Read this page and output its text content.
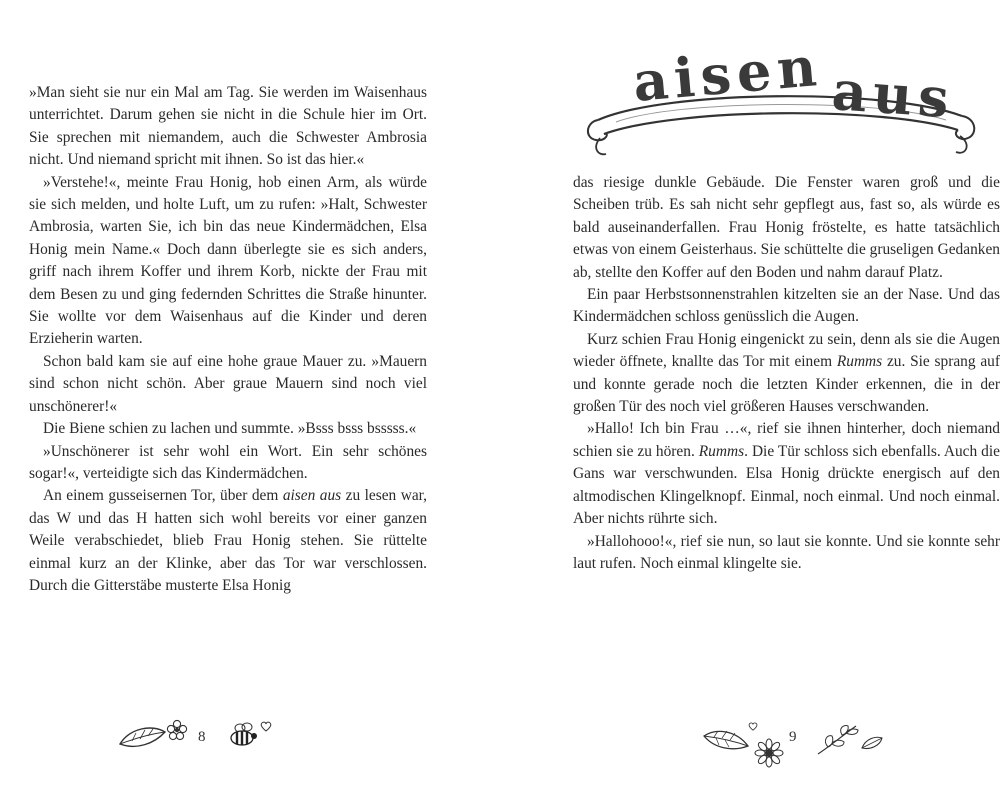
»Man sieht sie nur ein Mal am Tag. Sie werden im Waisenhaus unterrichtet. Darum gehen sie nicht in die Schule hier im Ort. Sie sprechen mit niemandem, auch die Schwester Ambrosia nicht. Und niemand spricht mit ihnen. So ist das hier.«

»Verstehe!«, meinte Frau Honig, hob einen Arm, als würde sie sich melden, und holte Luft, um zu rufen: »Halt, Schwester Ambrosia, warten Sie, ich bin das neue Kindermädchen, Elsa Honig mein Name.« Doch dann überlegte sie es sich anders, griff nach ihrem Koffer und ihrem Korb, nickte der Frau mit dem Besen zu und ging federnden Schrittes die Straße hinunter. Sie wollte vor dem Waisenhaus auf die Kinder und deren Erzieherin warten.

Schon bald kam sie auf eine hohe graue Mauer zu. »Mauern sind schon nicht schön. Aber graue Mauern sind noch viel unschönerer!«

Die Biene schien zu lachen und summte. »Bsss bsss bsssss.«

»Unschönerer ist sehr wohl ein Wort. Ein sehr schönes sogar!«, verteidigte sich das Kindermädchen.

An einem gusseisernen Tor, über dem aisen aus zu lesen war, das W und das H hatten sich wohl bereits vor einer ganzen Weile verabschiedet, blieb Frau Honig stehen. Sie rüttelte einmal kurz an der Klinke, aber das Tor war verschlossen. Durch die Gitterstäbe musterte Elsa Honig

8
aisen aus

das riesige dunkle Gebäude. Die Fenster waren groß und die Scheiben trüb. Es sah nicht sehr gepflegt aus, fast so, als würde es bald auseinanderfallen. Frau Honig fröstelte, es hatte tatsächlich etwas von einem Geisterhaus. Sie schüttelte die gruseligen Gedanken ab, stellte den Koffer auf den Boden und nahm darauf Platz.

Ein paar Herbstsonnenstrahlen kitzelten sie an der Nase. Und das Kindermädchen schloss genüsslich die Augen.

Kurz schien Frau Honig eingenickt zu sein, denn als sie die Augen wieder öffnete, knallte das Tor mit einem Rumms zu. Sie sprang auf und konnte gerade noch die letzten Kinder erkennen, die in der großen Tür des noch viel größeren Hauses verschwanden.

»Hallo! Ich bin Frau …«, rief sie ihnen hinterher, doch niemand schien sie zu hören. Rumms. Die Tür schloss sich ebenfalls. Auch die Gans war verschwunden. Elsa Honig drückte energisch auf den altmodischen Klingelknopf. Einmal, noch einmal. Und noch einmal. Aber nichts rührte sich.

»Hallohooo!«, rief sie nun, so laut sie konnte. Und sie konnte sehr laut rufen. Noch einmal klingelte sie.

9
